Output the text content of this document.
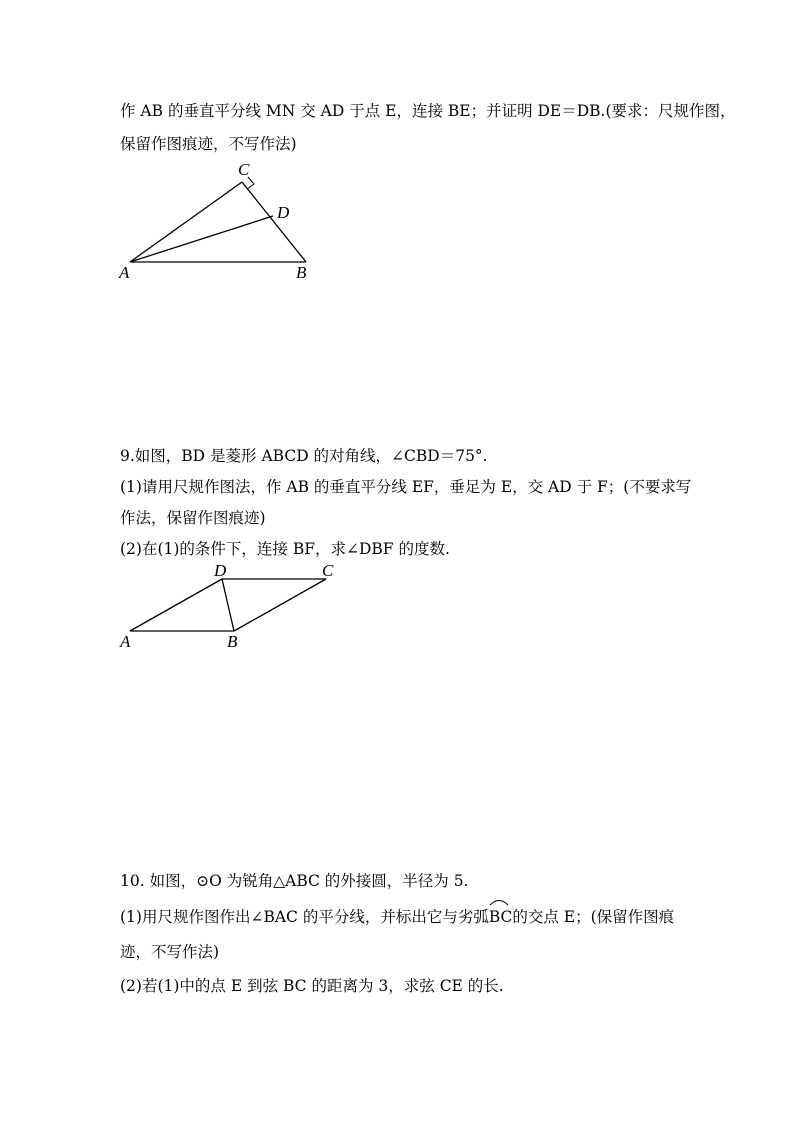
作 AB 的垂直平分线 MN 交 AD 于点 E，连接 BE；并证明 DE＝DB.(要求：尺规作图，
保留作图痕迹，不写作法)
A	B
C
D
9.如图，BD 是菱形 ABCD 的对角线，∠CBD＝75°.
(1)请用尺规作图法，作 AB 的垂直平分线 EF，垂足为 E，交 AD 于 F；(不要求写
作法，保留作图痕迹)
(2)在(1)的条件下，连接 BF，求∠DBF 的度数.
A	B
C
D
10. 如图，⊙O 为锐角△ABC 的外接圆，半径为 5.
(1)用尺规作图作出∠BAC 的平分线，并标出它与劣弧
BC的交点 E；(保留作图痕
迹，不写作法)
(2)若(1)中的点 E 到弦 BC 的距离为 3，求弦 CE 的长.
